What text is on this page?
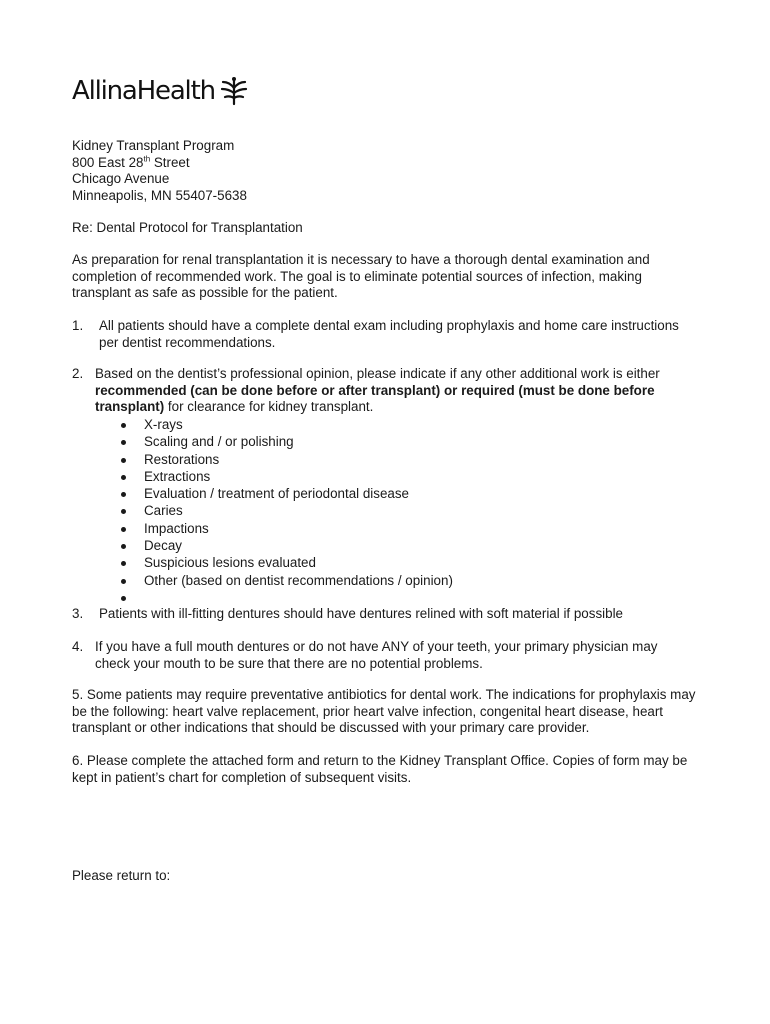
AllinaHealth
Kidney Transplant Program
800 East 28th Street
Chicago Avenue
Minneapolis, MN 55407-5638
Re: Dental Protocol for Transplantation
As preparation for renal transplantation it is necessary to have a thorough dental examination and completion of recommended work. The goal is to eliminate potential sources of infection, making transplant as safe as possible for the patient.
1. All patients should have a complete dental exam including prophylaxis and home care instructions per dentist recommendations.
2. Based on the dentist’s professional opinion, please indicate if any other additional work is either recommended (can be done before or after transplant) or required (must be done before transplant) for clearance for kidney transplant.
X-rays
Scaling and / or polishing
Restorations
Extractions
Evaluation / treatment of periodontal disease
Caries
Impactions
Decay
Suspicious lesions evaluated
Other (based on dentist recommendations / opinion)
3. Patients with ill-fitting dentures should have dentures relined with soft material if possible
4. If you have a full mouth dentures or do not have ANY of your teeth, your primary physician may check your mouth to be sure that there are no potential problems.
5. Some patients may require preventative antibiotics for dental work. The indications for prophylaxis may be the following: heart valve replacement, prior heart valve infection, congenital heart disease, heart transplant or other indications that should be discussed with your primary care provider.
6. Please complete the attached form and return to the Kidney Transplant Office. Copies of form may be kept in patient’s chart for completion of subsequent visits.
Please return to:
